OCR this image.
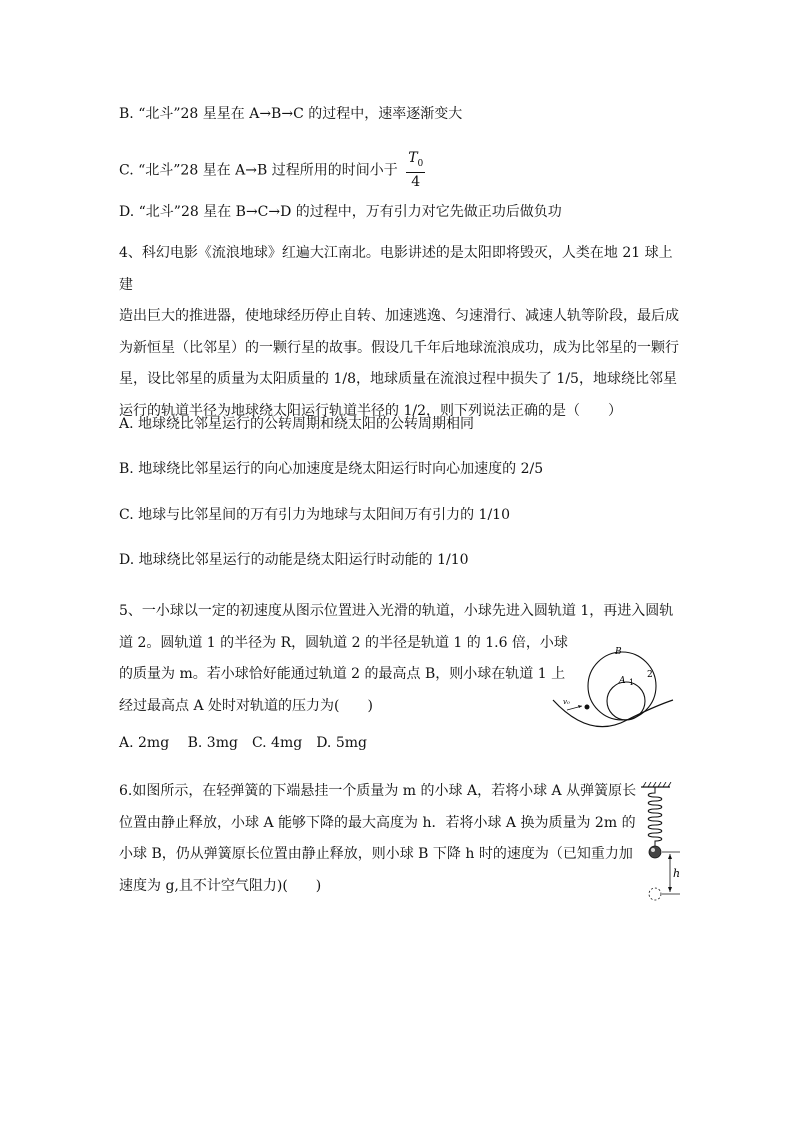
B. “北斗”28 星星在 A→B→C 的过程中，速率逐渐变大
C. “北斗”28 星在 A→B 过程所用的时间小于 $\frac{T_0}{4}$
D. “北斗”28 星在 B→C→D 的过程中，万有引力对它先做正功后做负功
4、科幻电影《流浪地球》红遍大江南北。电影讲述的是太阳即将毁灭，人类在地 21 球上建
造出巨大的推进器，使地球经历停止自转、加速逃逸、匀速滑行、减速人轨等阶段，最后成
为新恒星（比邻星）的一颗行星的故事。假设几千年后地球流浪成功，成为比邻星的一颗行
星，设比邻星的质量为太阳质量的 1/8，地球质量在流浪过程中损失了 1/5，地球绕比邻星
运行的轨道半径为地球绕太阳运行轨道半径的 1/2，则下列说法正确的是（　　）
A. 地球绕比邻星运行的公转周期和绕太阳的公转周期相同
B. 地球绕比邻星运行的向心加速度是绕太阳运行时向心加速度的 2/5
C. 地球与比邻星间的万有引力为地球与太阳间万有引力的 1/10
D. 地球绕比邻星运行的动能是绕太阳运行时动能的 1/10
5、一小球以一定的初速度从图示位置进入光滑的轨道，小球先进入圆轨道 1，再进入圆轨
道 2。圆轨道 1 的半径为 R，圆轨道 2 的半径是轨道 1 的 1.6 倍，小球
的质量为 m。若小球恰好能通过轨道 2 的最高点 B，则小球在轨道 1 上
经过最高点 A 处时对轨道的压力为(　　)
B
A 1
2
v₀
A. 2mg　 B. 3mg　C. 4mg　D. 5mg
6.如图所示，在轻弹簧的下端悬挂一个质量为 m 的小球 A，若将小球 A 从弹簧原长
位置由静止释放，小球 A 能够下降的最大高度为 h．若将小球 A 换为质量为 2m 的
小球 B，仍从弹簧原长位置由静止释放，则小球 B 下降 h 时的速度为（已知重力加
速度为 g,且不计空气阻力)(　　)
h
